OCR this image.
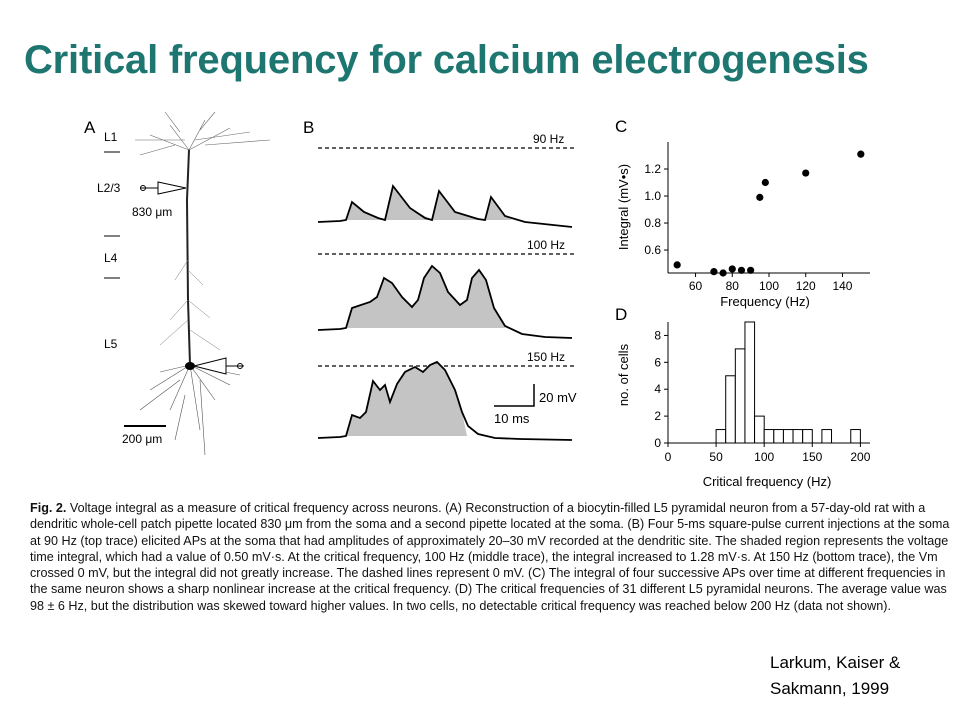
Critical frequency for calcium electrogenesis
A L1
L2/3
L4
L5
830 μm
200 μm
B
90 Hz
100 Hz
150 Hz
20 mV
10 ms
C
0.6
0.8
1.0
1.2
60 80 100 120 140
Frequency (Hz)
Integral (mV•s)
D
0
2
4
6
8
0	50	100 150 200
Critical frequency (Hz)
no. of cells
Fig. 2. Voltage integral as a measure of critical frequency across neurons. (A) Reconstruction of a biocytin-filled L5 pyramidal neuron from a 57-day-old rat with a dendritic whole-cell patch pipette located 830 μm from the soma and a second pipette located at the soma. (B) Four 5-ms square-pulse current injections at the soma at 90 Hz (top trace) elicited APs at the soma that had amplitudes of approximately 20–30 mV recorded at the dendritic site. The shaded region represents the voltage time integral, which had a value of 0.50 mV·s. At the critical frequency, 100 Hz (middle trace), the integral increased to 1.28 mV·s. At 150 Hz (bottom trace), the Vm crossed 0 mV, but the integral did not greatly increase. The dashed lines represent 0 mV. (C) The integral of four successive APs over time at different frequencies in the same neuron shows a sharp nonlinear increase at the critical frequency. (D) The critical frequencies of 31 different L5 pyramidal neurons. The average value was 98 ± 6 Hz, but the distribution was skewed toward higher values. In two cells, no detectable critical frequency was reached below 200 Hz (data not shown).
Larkum, Kaiser &
Sakmann, 1999
